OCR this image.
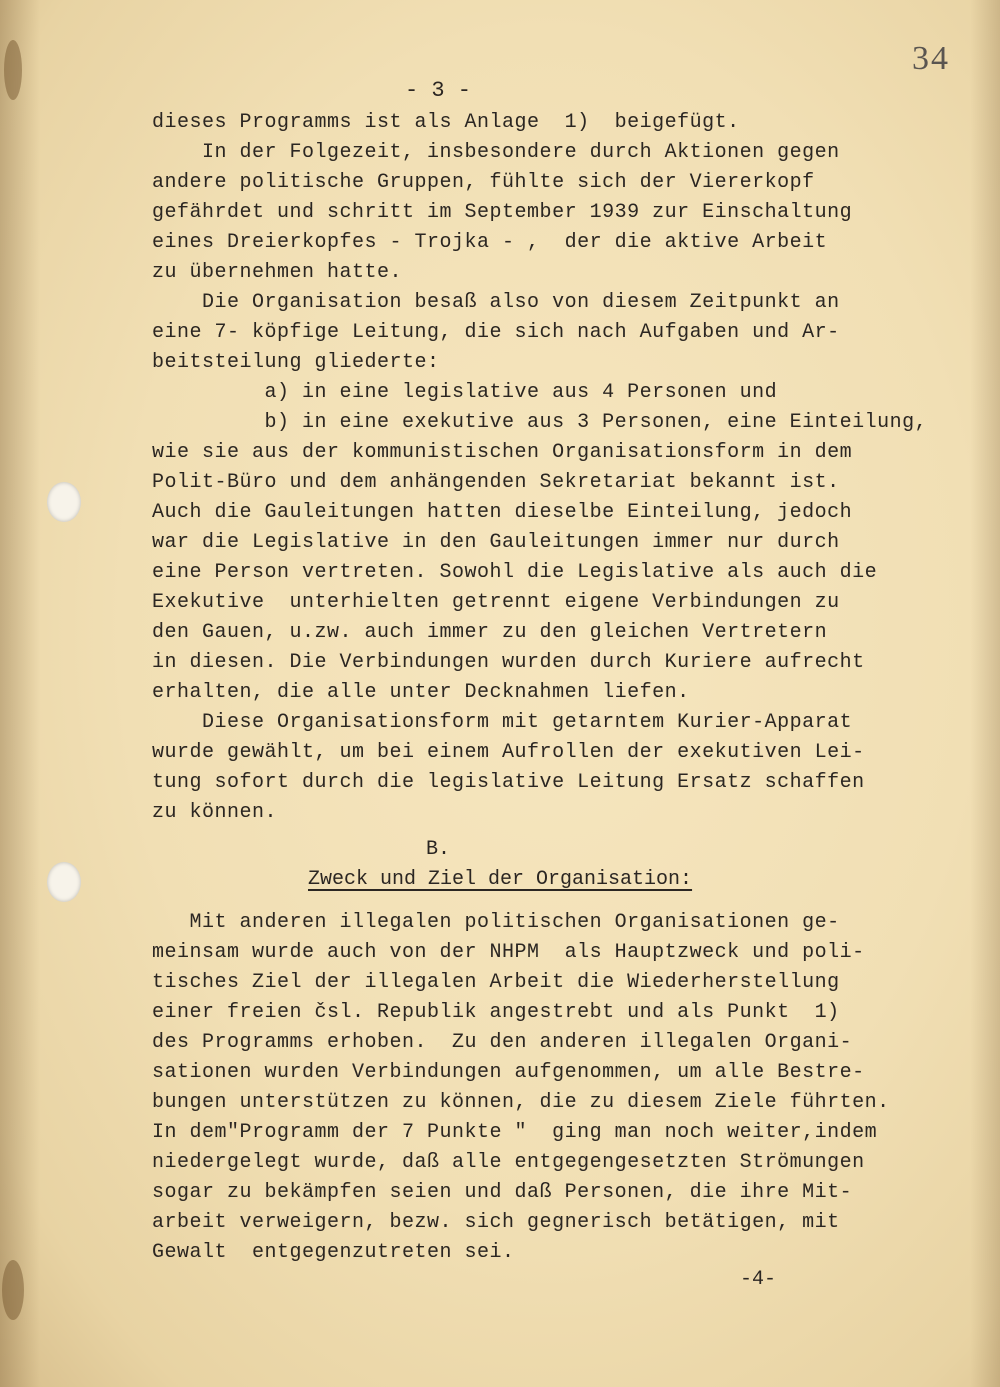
34
- 3 -
dieses Programms ist als Anlage  1)  beigefügt.
In der Folgezeit, insbesondere durch Aktionen gegen
andere politische Gruppen, fühlte sich der Viererkopf
gefährdet und schritt im September 1939 zur Einschaltung
eines Dreierkopfes - Trojka - ,  der die aktive Arbeit
zu übernehmen hatte.
Die Organisation besaß also von diesem Zeitpunkt an
eine 7- köpfige Leitung, die sich nach Aufgaben und Ar-
beitsteilung gliederte:
a) in eine legislative aus 4 Personen und
b) in eine exekutive aus 3 Personen, eine Einteilung,
wie sie aus der kommunistischen Organisationsform in dem
Polit-Büro und dem anhängenden Sekretariat bekannt ist.
Auch die Gauleitungen hatten dieselbe Einteilung, jedoch
war die Legislative in den Gauleitungen immer nur durch
eine Person vertreten. Sowohl die Legislative als auch die
Exekutive  unterhielten getrennt eigene Verbindungen zu
den Gauen, u.zw. auch immer zu den gleichen Vertretern
in diesen. Die Verbindungen wurden durch Kuriere aufrecht
erhalten, die alle unter Decknahmen liefen.
Diese Organisationsform mit getarntem Kurier-Apparat
wurde gewählt, um bei einem Aufrollen der exekutiven Lei-
tung sofort durch die legislative Leitung Ersatz schaffen
zu können.
B.
Zweck und Ziel der Organisation:
Mit anderen illegalen politischen Organisationen ge-
meinsam wurde auch von der NHPM  als Hauptzweck und poli-
tisches Ziel der illegalen Arbeit die Wiederherstellung
einer freien čsl. Republik angestrebt und als Punkt  1)
des Programms erhoben.  Zu den anderen illegalen Organi-
sationen wurden Verbindungen aufgenommen, um alle Bestre-
bungen unterstützen zu können, die zu diesem Ziele führten.
In dem"Programm der 7 Punkte "  ging man noch weiter,indem
niedergelegt wurde, daß alle entgegengesetzten Strömungen
sogar zu bekämpfen seien und daß Personen, die ihre Mit-
arbeit verweigern, bezw. sich gegnerisch betätigen, mit
Gewalt  entgegenzutreten sei.
-4-
